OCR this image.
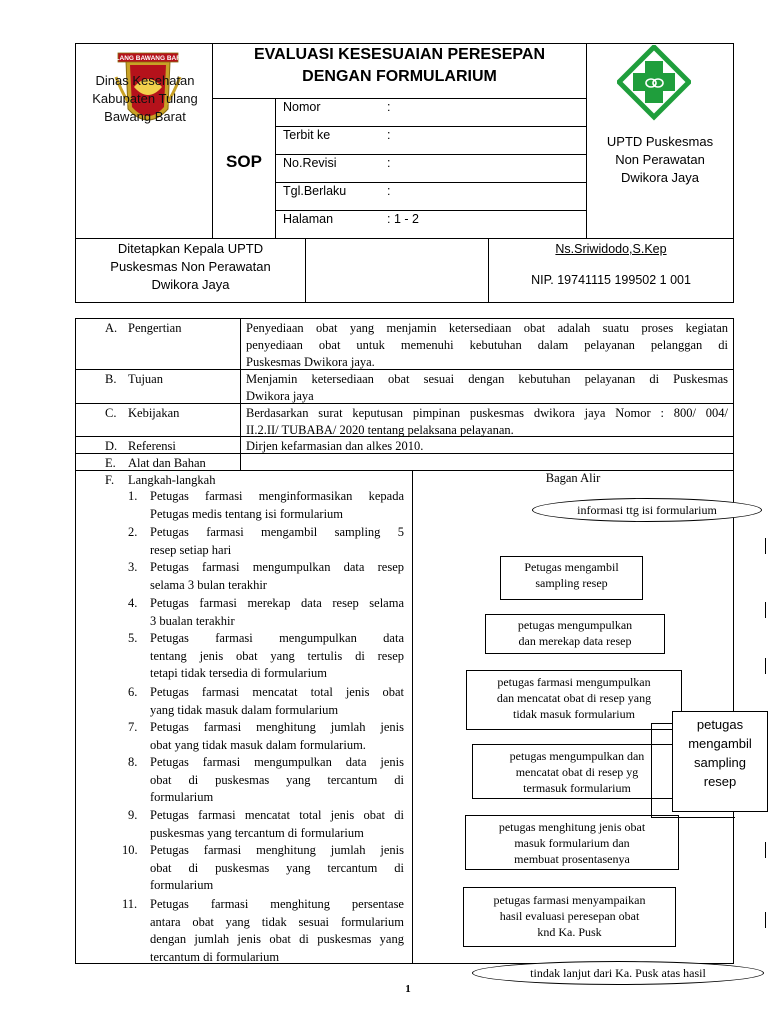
TULANG BAWANG BARAT
Dinas Kesehatan
Kabupaten Tulang
Bawang Barat
EVALUASI KESESUAIAN PERESEPAN
DENGAN FORMULARIUM
SOP
Nomor	:
Terbit ke	:
No.Revisi	:
Tgl.Berlaku	:
Halaman	: 1 - 2
UPTD Puskesmas
Non Perawatan
Dwikora Jaya
Ditetapkan Kepala UPTD
Puskesmas Non Perawatan
Dwikora Jaya
Ns.Sriwidodo,S.Kep
NIP. 19741115 199502 1 001
A. Pengertian	Penyediaan obat yang menjamin ketersediaan obat adalah suatu proses kegiatan
penyediaan obat untuk memenuhi kebutuhan dalam pelayanan pelanggan di
Puskesmas Dwikora jaya.
B. Tujuan	Menjamin ketersediaan obat sesuai dengan kebutuhan pelayanan di Puskesmas
Dwikora jaya
C. Kebijakan	Berdasarkan surat keputusan pimpinan puskesmas dwikora jaya Nomor : 800/ 004/
II.2.II/ TUBABA/ 2020 tentang pelaksana pelayanan.
D. Referensi	Dirjen kefarmasian dan alkes 2010.
E. Alat dan Bahan
F. Langkah-langkah	Bagan Alir
1. Petugas farmasi menginformasikan kepada
Petugas medis tentang isi formularium
2. Petugas farmasi mengambil sampling 5
resep setiap hari
3. Petugas farmasi mengumpulkan data resep
selama 3 bulan terakhir
4. Petugas farmasi merekap data resep selama
3 bualan terakhir
5. Petugas farmasi mengumpulkan data
tentang jenis obat yang tertulis di resep
tetapi tidak tersedia di formularium
6. Petugas farmasi mencatat total jenis obat
yang tidak masuk dalam formularium
7. Petugas farmasi menghitung jumlah jenis
obat yang tidak masuk dalam formularium.
8. Petugas farmasi mengumpulkan data jenis
obat di puskesmas yang tercantum di
formularium
9. Petugas farmasi mencatat total jenis obat di
puskesmas yang tercantum di formularium
10. Petugas farmasi menghitung jumlah jenis
obat di puskesmas yang tercantum di
formularium
11. Petugas farmasi menghitung persentase
antara obat yang tidak sesuai formularium
dengan jumlah jenis obat di puskesmas yang
tercantum di formularium
informasi ttg isi formularium
Petugas mengambil
sampling resep
petugas mengumpulkan
dan merekap data resep
petugas farmasi mengumpulkan
dan mencatat obat di resep yang
tidak masuk formularium
petugas mengumpulkan dan
mencatat obat di resep yg
termasuk formularium
petugas menghitung jenis obat
masuk formularium dan
membuat prosentasenya
petugas farmasi menyampaikan
hasil evaluasi peresepan obat
knd Ka. Pusk
petugas
mengambil
sampling
resep
tindak lanjut dari Ka. Pusk atas hasil
1
